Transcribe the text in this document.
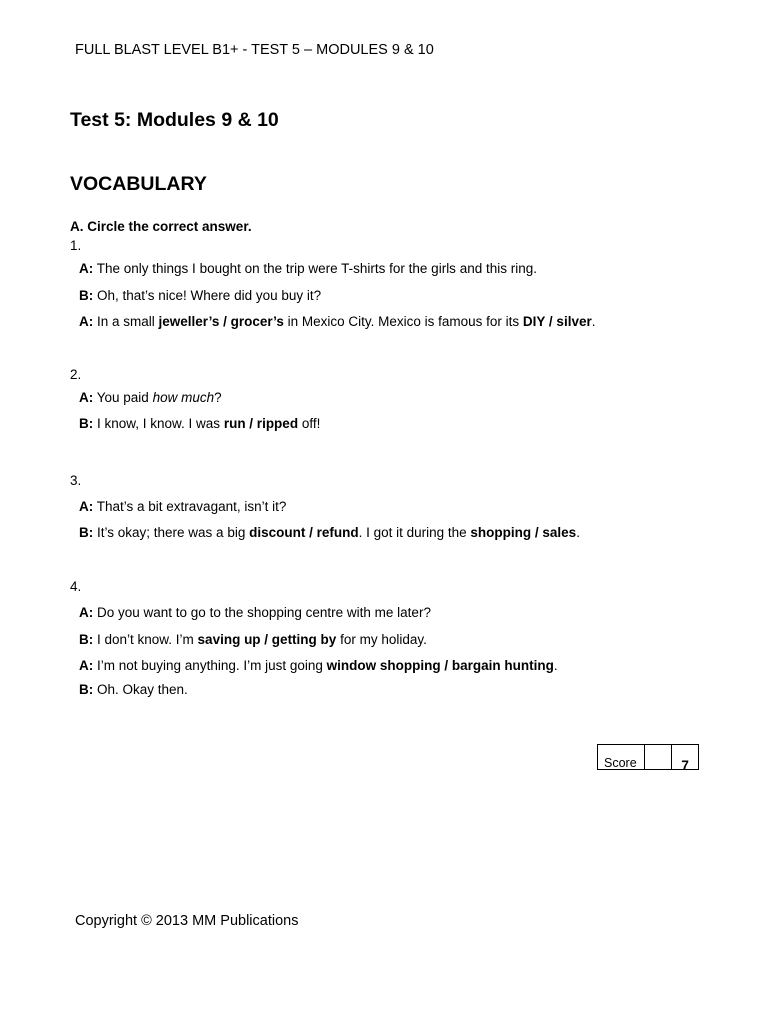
FULL BLAST LEVEL B1+ - TEST 5 – MODULES 9 & 10
Test 5: Modules 9 & 10
VOCABULARY
A. Circle the correct answer.
1.
A: The only things I bought on the trip were T-shirts for the girls and this ring.
B: Oh, that’s nice! Where did you buy it?
A: In a small jeweller’s / grocer’s in Mexico City. Mexico is famous for its DIY / silver.
2.
A: You paid how much?
B: I know, I know. I was run / ripped off!
3.
A: That’s a bit extravagant, isn’t it?
B: It’s okay; there was a big discount / refund. I got it during the shopping / sales.
4.
A: Do you want to go to the shopping centre with me later?
B: I don’t know. I’m saving up / getting by for my holiday.
A: I’m not buying anything. I’m just going window shopping / bargain hunting.
B: Oh. Okay then.
Score	7
Copyright © 2013 MM Publications
